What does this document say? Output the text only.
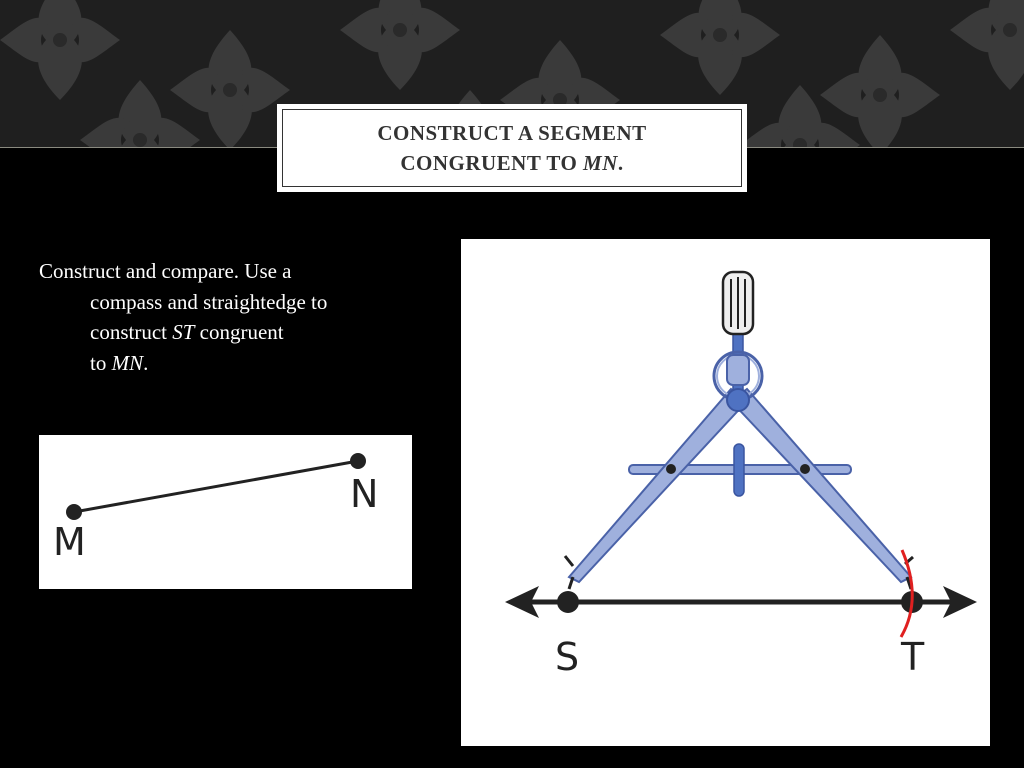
CONSTRUCT A SEGMENT
CONGRUENT TO MN.
Construct and compare. Use a
compass and straightedge to
construct ST congruent
to MN.
M
N
S	T
